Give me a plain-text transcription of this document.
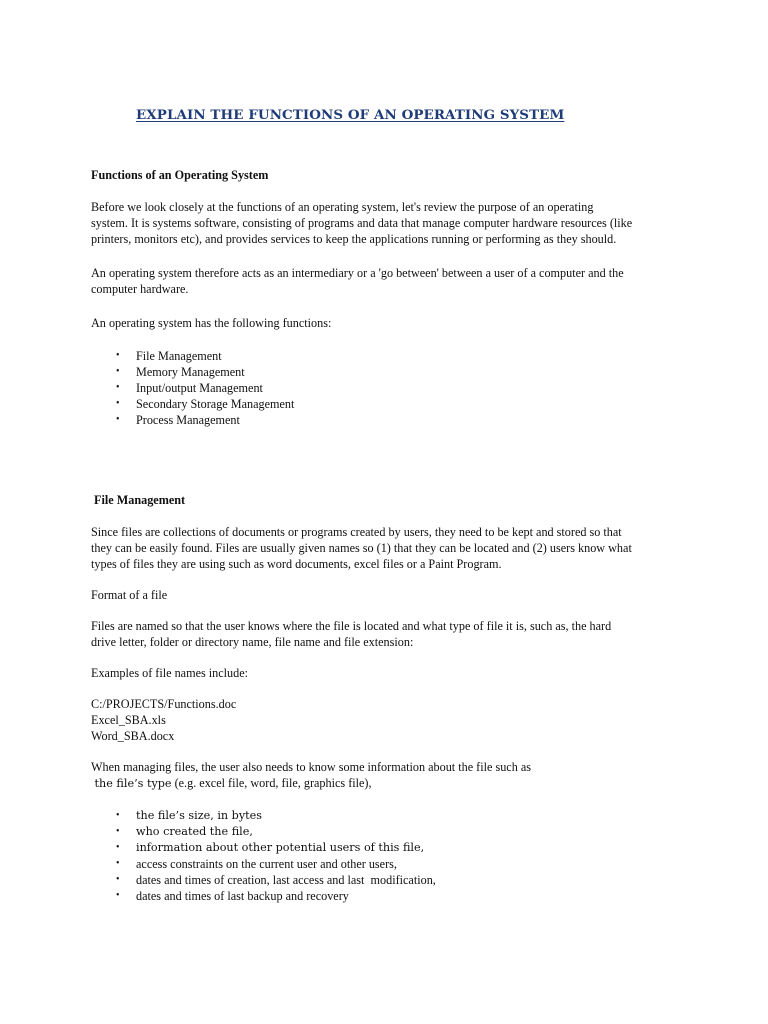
EXPLAIN THE FUNCTIONS OF AN OPERATING SYSTEM
Functions of an Operating System

Before we look closely at the functions of an operating system, let's review the purpose of an operating
system. It is systems software, consisting of programs and data that manage computer hardware resources (like
printers, monitors etc), and provides services to keep the applications running or performing as they should.

An operating system therefore acts as an intermediary or a 'go between' between a user of a computer and the
computer hardware.

An operating system has the following functions:

• File Management
• Memory Management
• Input/output Management
• Secondary Storage Management
• Process Management
File Management

Since files are collections of documents or programs created by users, they need to be kept and stored so that
they can be easily found. Files are usually given names so (1) that they can be located and (2) users know what
types of files they are using such as word documents, excel files or a Paint Program.

Format of a file

Files are named so that the user knows where the file is located and what type of file it is, such as, the hard
drive letter, folder or directory name, file name and file extension:

Examples of file names include:

C:/PROJECTS/Functions.doc
Excel_SBA.xls
Word_SBA.docx

When managing files, the user also needs to know some information about the file such as
the file’s type (e.g. excel file, word, file, graphics file),

• the file’s size, in bytes
• who created the file,
• information about other potential users of this file,
• access constraints on the current user and other users,
• dates and times of creation, last access and last  modification,
• dates and times of last backup and recovery
